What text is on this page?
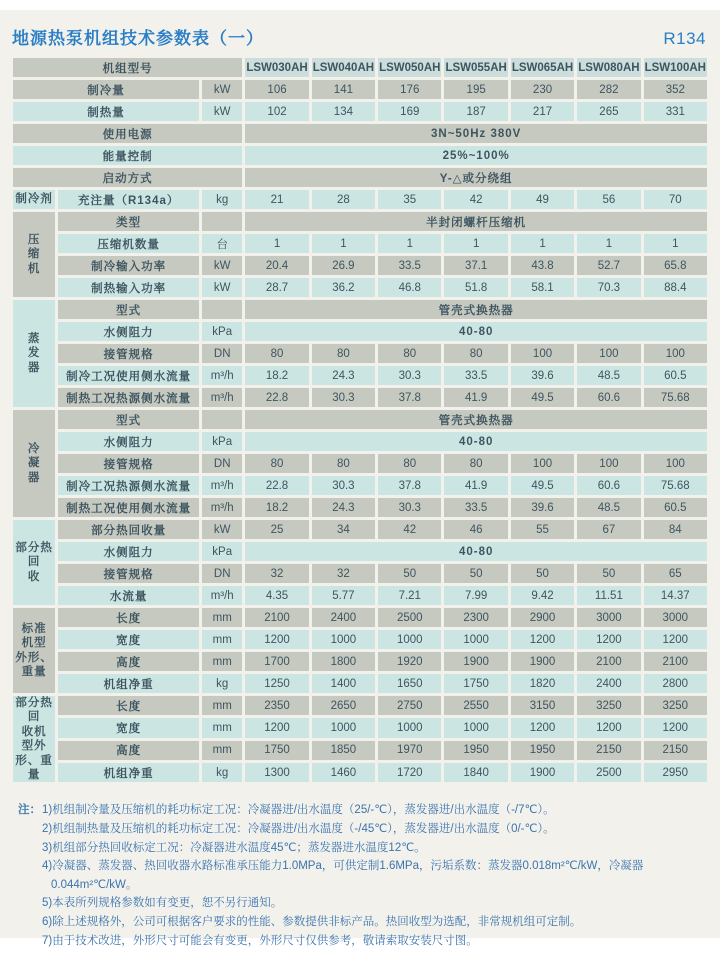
地源热泵机组技术参数表（一）	R134
机组型号			LSW030AH	LSW040AH	LSW050AH	LSW055AH	LSW065AH	LSW080AH	LSW100AH
制冷量		kW	106	141	176	195	230	282	352
制热量		kW	102	134	169	187	217	265	331
使用电源			3N~50Hz 380V						
能量控制			25%~100%						
启动方式			Y-△或分绕组						
制冷剂	充注量（R134a）	kg	21	28	35	42	49	56	70
压
缩
机	类型		半封闭螺杆压缩机						
	压缩机数量	台	1	1	1	1	1	1	1
	制冷输入功率	kW	20.4	26.9	33.5	37.1	43.8	52.7	65.8
	制热输入功率	kW	28.7	36.2	46.8	51.8	58.1	70.3	88.4
蒸
发
器	型式		管壳式换热器						
	水侧阻力	kPa	40-80						
	接管规格	DN	80	80	80	80	100	100	100
	制冷工况使用侧水流量	m³/h	18.2	24.3	30.3	33.5	39.6	48.5	60.5
	制热工况热源侧水流量	m³/h	22.8	30.3	37.8	41.9	49.5	60.6	75.68
冷
凝
器	型式		管壳式换热器						
	水侧阻力	kPa	40-80						
	接管规格	DN	80	80	80	80	100	100	100
	制冷工况热源侧水流量	m³/h	22.8	30.3	37.8	41.9	49.5	60.6	75.68
	制热工况使用侧水流量	m³/h	18.2	24.3	30.3	33.5	39.6	48.5	60.5
部分热回
收	部分热回收量	kW	25	34	42	46	55	67	84
	水侧阻力	kPa	40-80						
	接管规格	DN	32	32	50	50	50	50	65
	水流量	m³/h	4.35	5.77	7.21	7.99	9.42	11.51	14.37
标准
机型
外形、
重量	长度	mm	2100	2400	2500	2300	2900	3000	3000
	宽度	mm	1200	1000	1000	1000	1200	1200	1200
	高度	mm	1700	1800	1920	1900	1900	2100	2100
	机组净重	kg	1250	1400	1650	1750	1820	2400	2800
部分热回
收机
型外
形、重
量	长度	mm	2350	2650	2750	2550	3150	3250	3250
	宽度	mm	1200	1000	1000	1000	1200	1200	1200
	高度	mm	1750	1850	1970	1950	1950	2150	2150
	机组净重	kg	1300	1460	1720	1840	1900	2500	2950
注： 1)机组制冷量及压缩机的耗功标定工况：冷凝器进/出水温度（25/-℃），蒸发器进/出水温度（-/7℃）。
2)机组制热量及压缩机的耗功标定工况：冷凝器进/出水温度（-/45℃），蒸发器进/出水温度（0/-℃）。
3)机组部分热回收标定工况：冷凝器进水温度45℃；蒸发器进水温度12℃。
4)冷凝器、蒸发器、热回收器水路标准承压能力1.0MPa，可供定制1.6MPa，污垢系数：蒸发器0.018m²℃/kW，冷凝器0.044m²℃/kW。
5)本表所列规格参数如有变更，恕不另行通知。
6)除上述规格外，公司可根据客户要求的性能、参数提供非标产品。热回收型为选配，非常规机组可定制。
7)由于技术改进，外形尺寸可能会有变更，外形尺寸仅供参考，敬请索取安装尺寸图。
